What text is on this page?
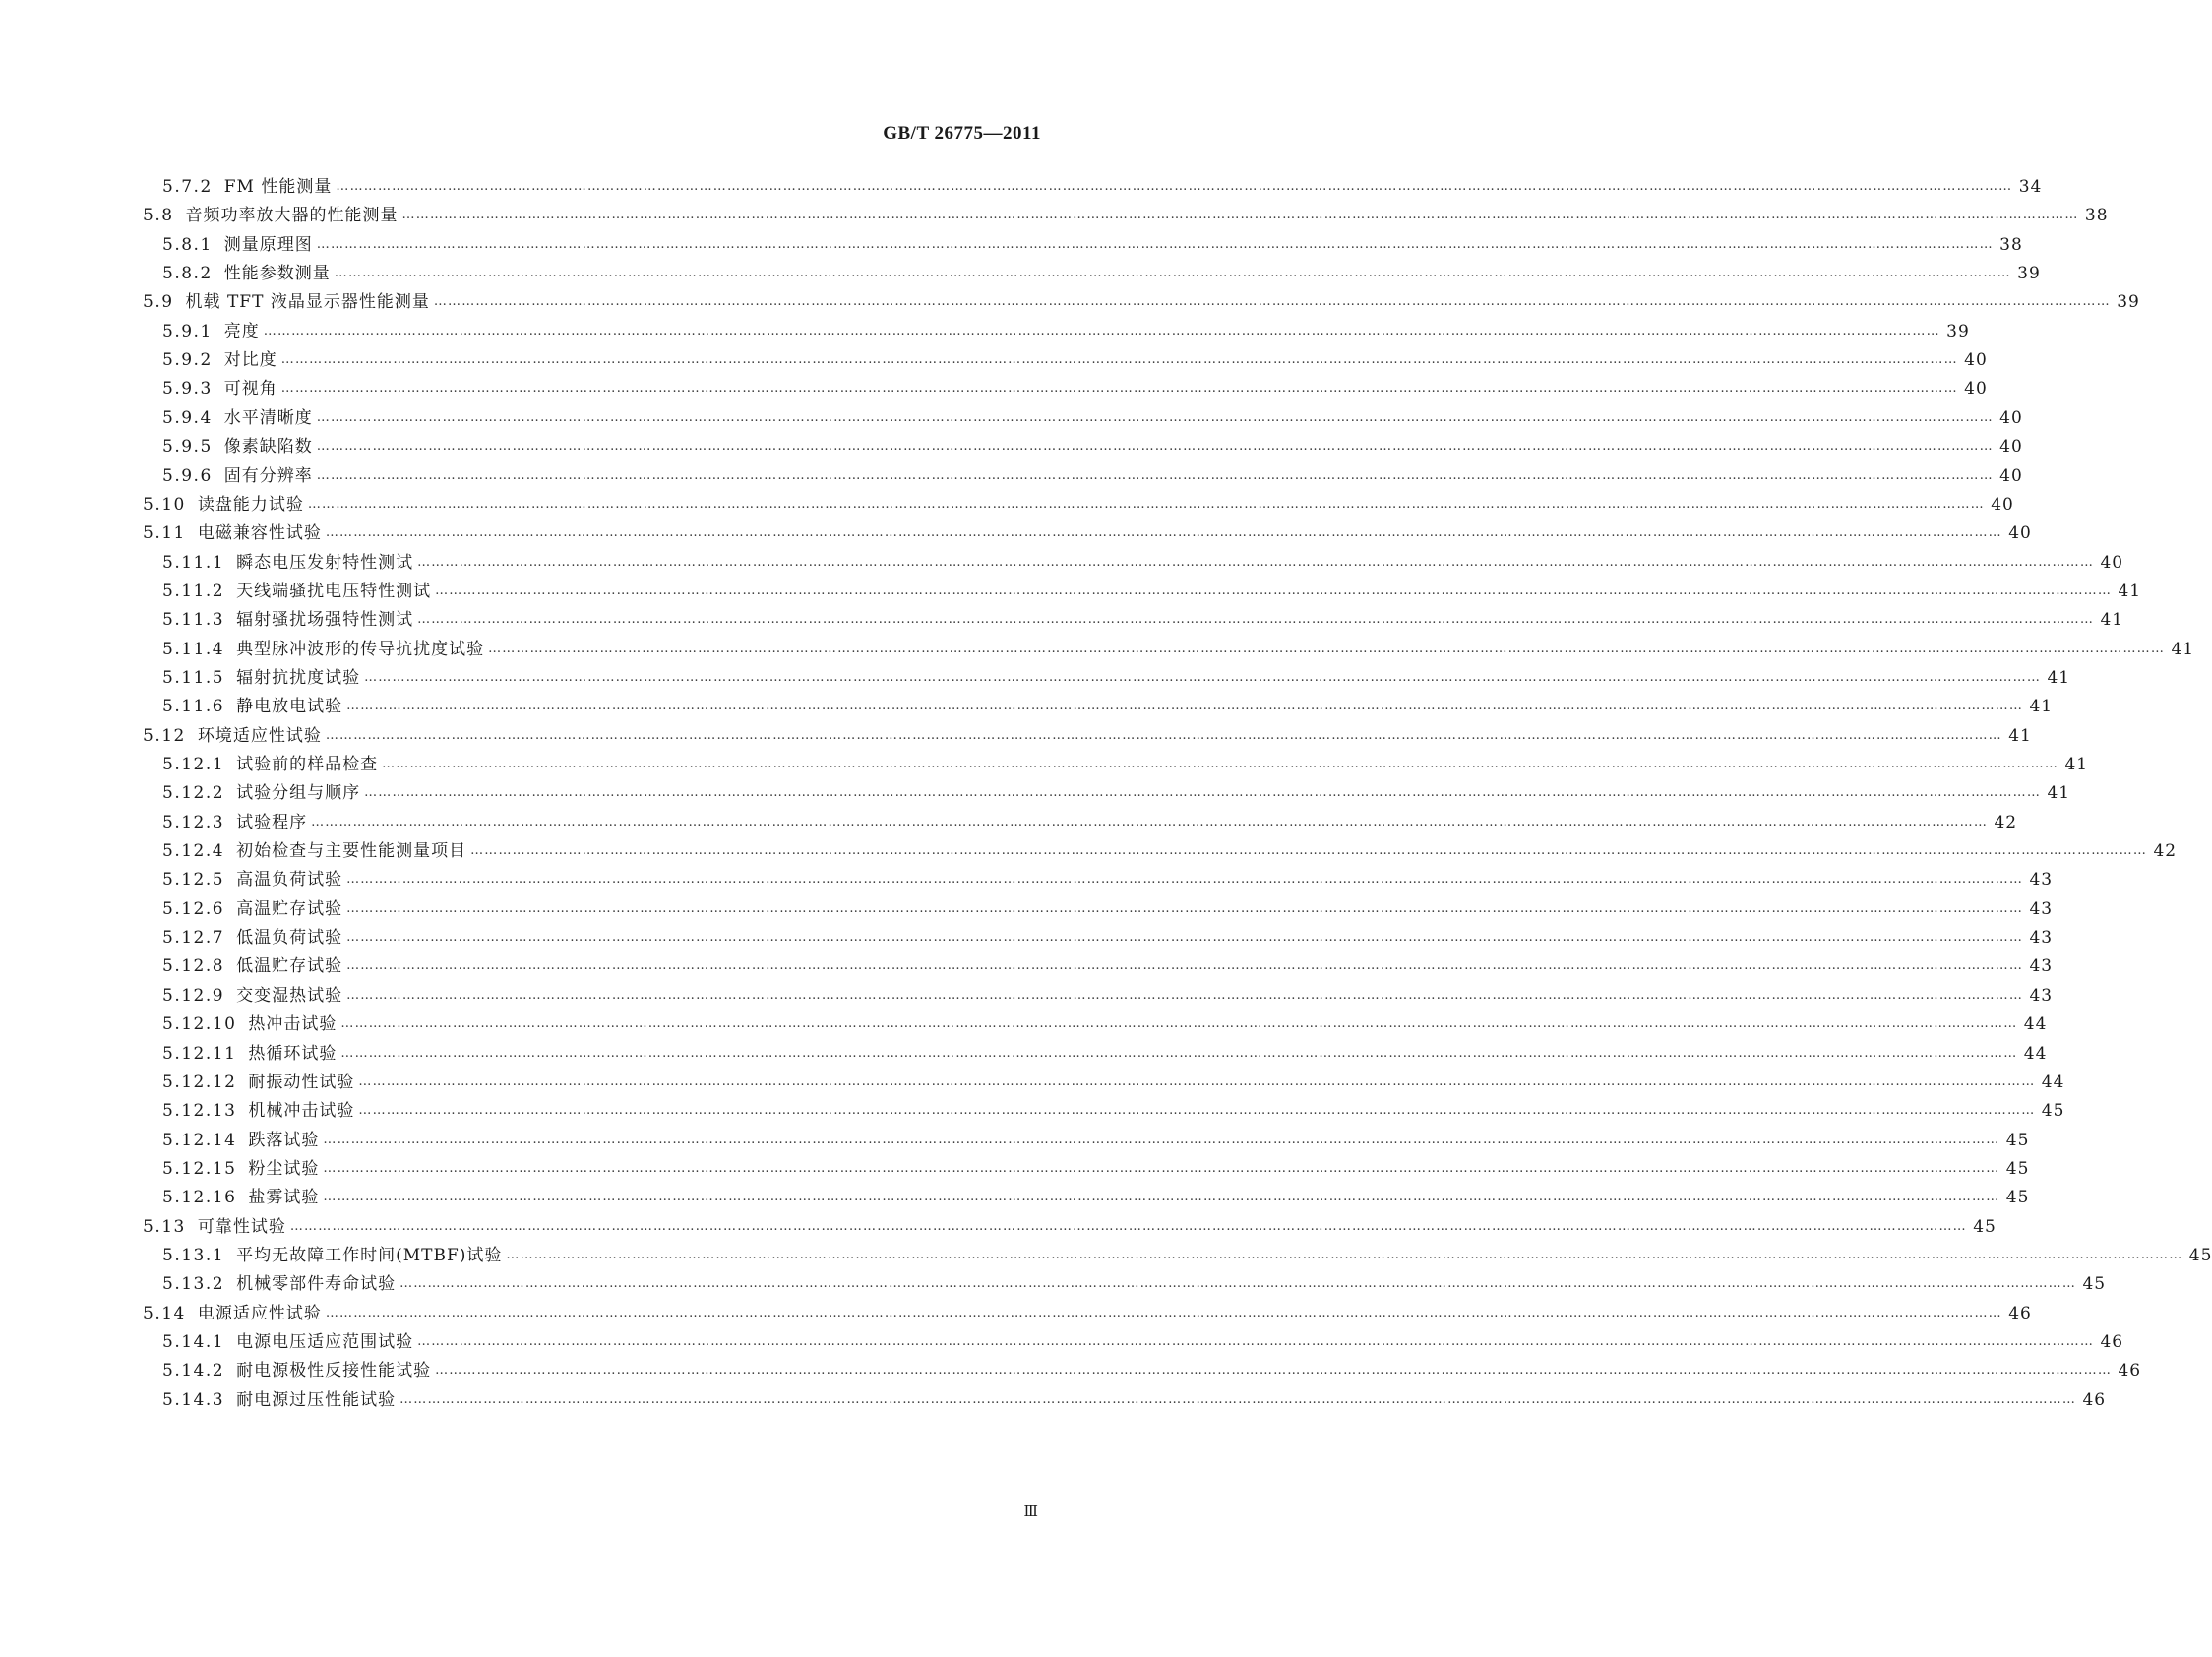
GB/T 26775—2011
5.7.2 FM 性能测量 ……………………………………………………………………………………………………………………………………………………………………………………………………………………………………………………………………………………………………………………………… 34
5.8 音频功率放大器的性能测量 ……………………………………………………………………………………………………………………………………………………………………………………………………………………………………………………………………………………………………………………………… 38
5.8.1 测量原理图 ……………………………………………………………………………………………………………………………………………………………………………………………………………………………………………………………………………………………………………………………… 38
5.8.2 性能参数测量 ……………………………………………………………………………………………………………………………………………………………………………………………………………………………………………………………………………………………………………………………… 39
5.9 机载 TFT 液晶显示器性能测量 ……………………………………………………………………………………………………………………………………………………………………………………………………………………………………………………………………………………………………………………………… 39
5.9.1 亮度 ……………………………………………………………………………………………………………………………………………………………………………………………………………………………………………………………………………………………………………………………… 39
5.9.2 对比度 ……………………………………………………………………………………………………………………………………………………………………………………………………………………………………………………………………………………………………………………………… 40
5.9.3 可视角 ……………………………………………………………………………………………………………………………………………………………………………………………………………………………………………………………………………………………………………………………… 40
5.9.4 水平清晰度 ……………………………………………………………………………………………………………………………………………………………………………………………………………………………………………………………………………………………………………………………… 40
5.9.5 像素缺陷数 ……………………………………………………………………………………………………………………………………………………………………………………………………………………………………………………………………………………………………………………………… 40
5.9.6 固有分辨率 ……………………………………………………………………………………………………………………………………………………………………………………………………………………………………………………………………………………………………………………………… 40
5.10 读盘能力试验 ……………………………………………………………………………………………………………………………………………………………………………………………………………………………………………………………………………………………………………………………… 40
5.11 电磁兼容性试验 ……………………………………………………………………………………………………………………………………………………………………………………………………………………………………………………………………………………………………………………………… 40
5.11.1 瞬态电压发射特性测试 ……………………………………………………………………………………………………………………………………………………………………………………………………………………………………………………………………………………………………………………………… 40
5.11.2 天线端骚扰电压特性测试 ……………………………………………………………………………………………………………………………………………………………………………………………………………………………………………………………………………………………………………………………… 41
5.11.3 辐射骚扰场强特性测试 ……………………………………………………………………………………………………………………………………………………………………………………………………………………………………………………………………………………………………………………………… 41
5.11.4 典型脉冲波形的传导抗扰度试验 ……………………………………………………………………………………………………………………………………………………………………………………………………………………………………………………………………………………………………………………………… 41
5.11.5 辐射抗扰度试验 ……………………………………………………………………………………………………………………………………………………………………………………………………………………………………………………………………………………………………………………………… 41
5.11.6 静电放电试验 ……………………………………………………………………………………………………………………………………………………………………………………………………………………………………………………………………………………………………………………………… 41
5.12 环境适应性试验 ……………………………………………………………………………………………………………………………………………………………………………………………………………………………………………………………………………………………………………………………… 41
5.12.1 试验前的样品检查 ……………………………………………………………………………………………………………………………………………………………………………………………………………………………………………………………………………………………………………………………… 41
5.12.2 试验分组与顺序 ……………………………………………………………………………………………………………………………………………………………………………………………………………………………………………………………………………………………………………………………… 41
5.12.3 试验程序 ……………………………………………………………………………………………………………………………………………………………………………………………………………………………………………………………………………………………………………………………… 42
5.12.4 初始检查与主要性能测量项目 ……………………………………………………………………………………………………………………………………………………………………………………………………………………………………………………………………………………………………………………………… 42
5.12.5 高温负荷试验 ……………………………………………………………………………………………………………………………………………………………………………………………………………………………………………………………………………………………………………………………… 43
5.12.6 高温贮存试验 ……………………………………………………………………………………………………………………………………………………………………………………………………………………………………………………………………………………………………………………………… 43
5.12.7 低温负荷试验 ……………………………………………………………………………………………………………………………………………………………………………………………………………………………………………………………………………………………………………………………… 43
5.12.8 低温贮存试验 ……………………………………………………………………………………………………………………………………………………………………………………………………………………………………………………………………………………………………………………………… 43
5.12.9 交变湿热试验 ……………………………………………………………………………………………………………………………………………………………………………………………………………………………………………………………………………………………………………………………… 43
5.12.10 热冲击试验 ……………………………………………………………………………………………………………………………………………………………………………………………………………………………………………………………………………………………………………………………… 44
5.12.11 热循环试验 ……………………………………………………………………………………………………………………………………………………………………………………………………………………………………………………………………………………………………………………………… 44
5.12.12 耐振动性试验 ……………………………………………………………………………………………………………………………………………………………………………………………………………………………………………………………………………………………………………………………… 44
5.12.13 机械冲击试验 ……………………………………………………………………………………………………………………………………………………………………………………………………………………………………………………………………………………………………………………………… 45
5.12.14 跌落试验 ……………………………………………………………………………………………………………………………………………………………………………………………………………………………………………………………………………………………………………………………… 45
5.12.15 粉尘试验 ……………………………………………………………………………………………………………………………………………………………………………………………………………………………………………………………………………………………………………………………… 45
5.12.16 盐雾试验 ……………………………………………………………………………………………………………………………………………………………………………………………………………………………………………………………………………………………………………………………… 45
5.13 可靠性试验 ……………………………………………………………………………………………………………………………………………………………………………………………………………………………………………………………………………………………………………………………… 45
5.13.1 平均无故障工作时间(MTBF)试验 ……………………………………………………………………………………………………………………………………………………………………………………………………………………………………………………………………………………………………………………………… 45
5.13.2 机械零部件寿命试验 ……………………………………………………………………………………………………………………………………………………………………………………………………………………………………………………………………………………………………………………………… 45
5.14 电源适应性试验 ……………………………………………………………………………………………………………………………………………………………………………………………………………………………………………………………………………………………………………………………… 46
5.14.1 电源电压适应范围试验 ……………………………………………………………………………………………………………………………………………………………………………………………………………………………………………………………………………………………………………………………… 46
5.14.2 耐电源极性反接性能试验 ……………………………………………………………………………………………………………………………………………………………………………………………………………………………………………………………………………………………………………………………… 46
5.14.3 耐电源过压性能试验 ……………………………………………………………………………………………………………………………………………………………………………………………………………………………………………………………………………………………………………………………… 46
Ⅲ
